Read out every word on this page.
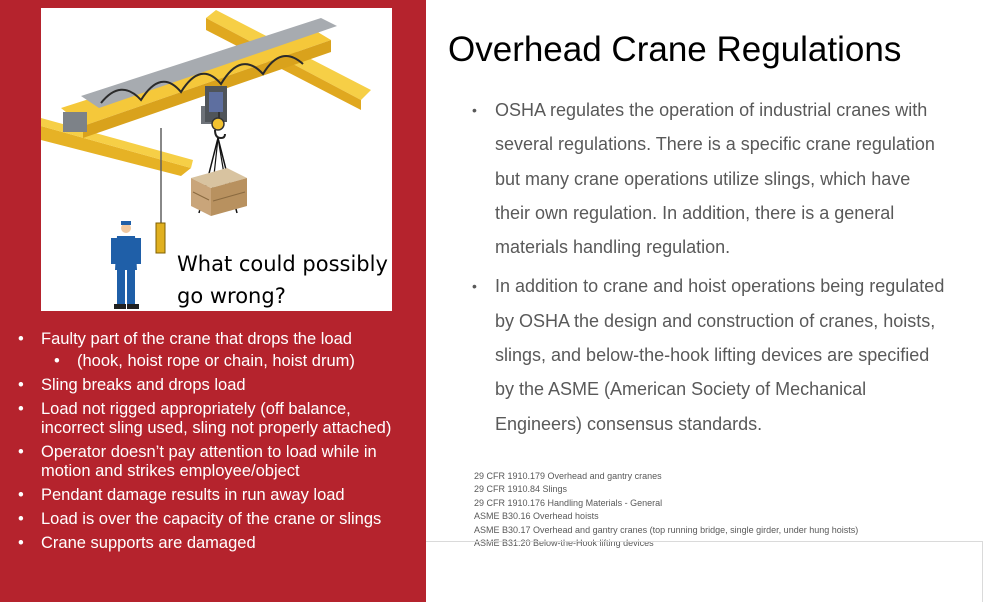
What could possibly go wrong?
• Faulty part of the crane that drops the load
• (hook, hoist rope or chain, hoist drum)
• Sling breaks and drops load
• Load not rigged appropriately (off balance, incorrect sling used, sling not properly attached)
• Operator doesn’t pay attention to load while in motion and strikes employee/object
• Pendant damage results in run away load
• Load is over the capacity of the crane or slings
• Crane supports are damaged
Overhead Crane Regulations
• OSHA regulates the operation of industrial cranes with several regulations. There is a specific crane regulation but many crane operations utilize slings, which have their own regulation. In addition, there is a general materials handling regulation.
• In addition to crane and hoist operations being regulated by OSHA the design and construction of cranes, hoists, slings, and below-the-hook lifting devices are specified by the ASME (American Society of Mechanical Engineers) consensus standards.
29 CFR 1910.179 Overhead and gantry cranes
29 CFR 1910.84 Slings
29 CFR 1910.176 Handling Materials - General
ASME B30.16 Overhead hoists
ASME B30.17 Overhead and gantry cranes (top running bridge, single girder, under hung hoists)
ASME B31.20 Below-the-Hook lifting devices
